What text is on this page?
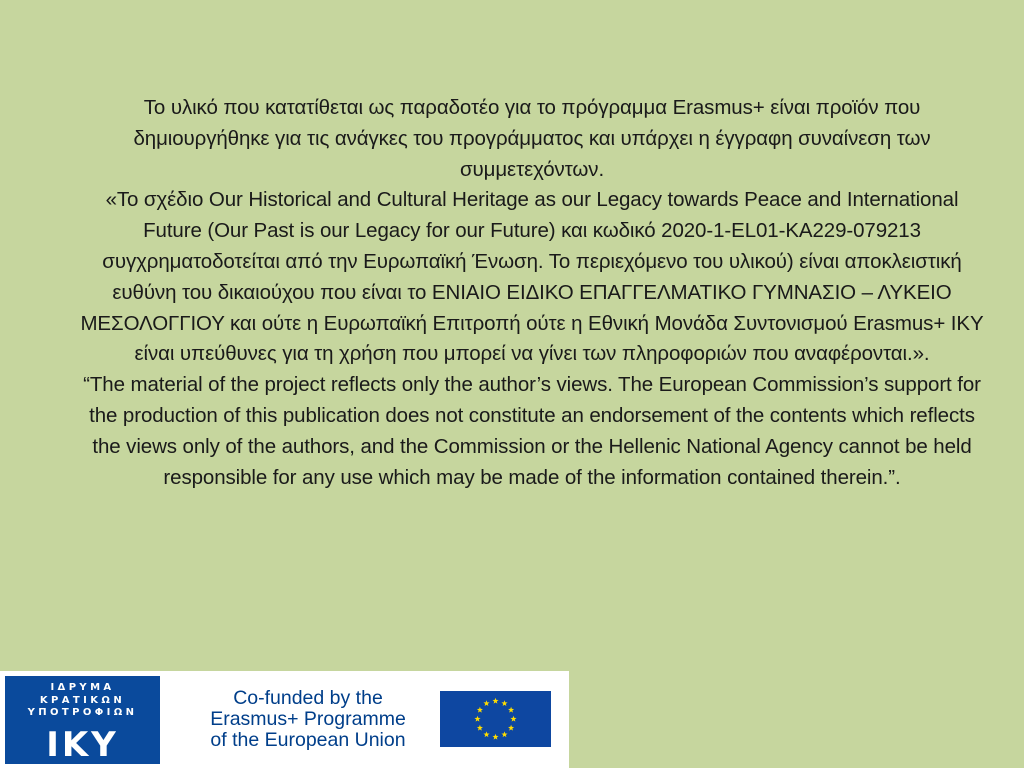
Το υλικό που κατατίθεται ως παραδοτέο για το πρόγραμμα Erasmus+ είναι προϊόν που δημιουργήθηκε για τις ανάγκες του προγράμματος και υπάρχει η έγγραφη συναίνεση των συμμετεχόντων.

«Το σχέδιο Our Historical and Cultural Heritage as our Legacy towards Peace and International Future (Our Past is our Legacy for our Future) και κωδικό 2020-1-EL01-KA229-079213 συγχρηματοδοτείται από την Ευρωπαϊκή Ένωση. Το περιεχόμενο του υλικού) είναι αποκλειστική ευθύνη του δικαιούχου που είναι το ΕΝΙΑΙΟ ΕΙΔΙΚΟ ΕΠΑΓΓΕΛΜΑΤΙΚΟ ΓΥΜΝΑΣΙΟ – ΛΥΚΕΙΟ ΜΕΣΟΛΟΓΓΙΟΥ και ούτε η Ευρωπαϊκή Επιτροπή ούτε η Εθνική Μονάδα Συντονισμού Erasmus+ ΙΚΥ είναι υπεύθυνες για τη χρήση που μπορεί να γίνει των πληροφοριών που αναφέρονται.».

“The material of the project reflects only the author’s views. The European Commission’s support for the production of this publication does not constitute an endorsement of the contents which reflects the views only of the authors, and the Commission or the Hellenic National Agency cannot be held responsible for any use which may be made of the information contained therein.”.

ΙΔΡΥΜΑ
ΚΡΑΤΙΚΩΝ
ΥΠΟΤΡΟΦΙΩΝ
ΙΚΥ
Co-funded by the
Erasmus+ Programme
of the European Union
